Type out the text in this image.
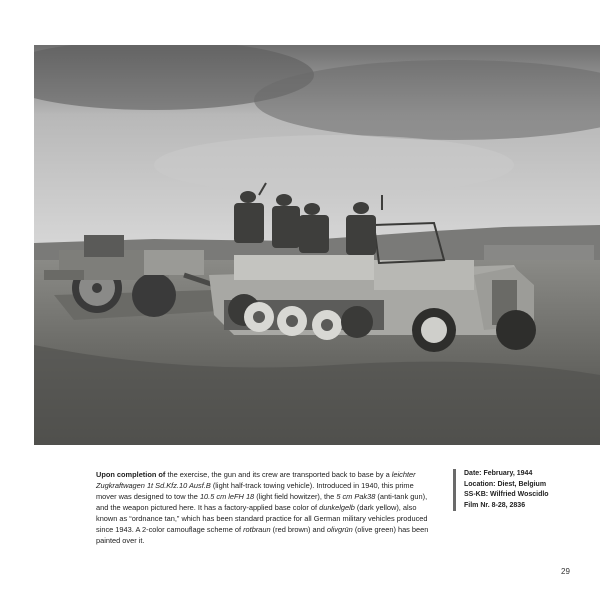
Upon completion of the exercise, the gun and its crew are transported back to base by a leichter Zugkraftwagen 1t Sd.Kfz.10 Ausf.B (light half-track towing vehicle). Introduced in 1940, this prime mover was designed to tow the 10.5 cm leFH 18 (light field howitzer), the 5 cm Pak38 (anti-tank gun), and the weapon pictured here. It has a factory-applied base color of dunkelgelb (dark yellow), also known as “ordnance tan,” which has been standard practice for all German military vehicles produced since 1943. A 2-color camouflage scheme of rotbraun (red brown) and olivgrün (olive green) has been painted over it.

Date: February, 1944
Location: Diest, Belgium
SS-KB: Wilfried Woscidlo
Film Nr. 8-28, 2836
29
